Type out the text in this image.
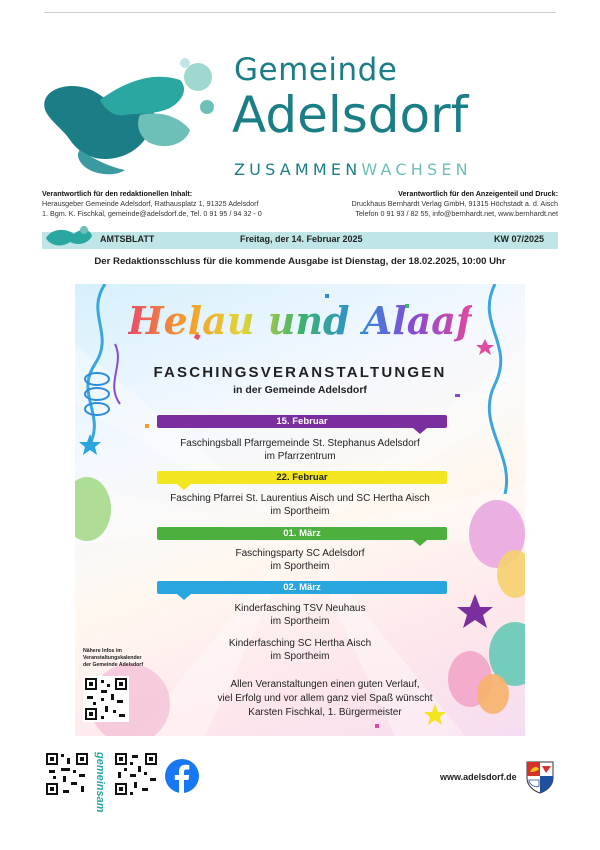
Gemeinde
Adelsdorf
ZUSAMMENWACHSEN
Verantwortlich für den redaktionellen Inhalt:
Herausgeber Gemeinde Adelsdorf, Rathausplatz 1, 91325 Adelsdorf
1. Bgm. K. Fischkal, gemeinde@adelsdorf.de, Tel. 0 91 95 / 94 32 - 0
Verantwortlich für den Anzeigenteil und Druck:
Druckhaus Bernhardt Verlag GmbH, 91315 Höchstadt a. d. Aisch
Telefon 0 91 93 / 82 55, info@bernhardt.net, www.bernhardt.net
AMTSBLATT	Freitag, der 14. Februar 2025	KW 07/2025
Der Redaktionsschluss für die kommende Ausgabe ist Dienstag, der 18.02.2025, 10:00 Uhr
Helau und Alaaf
FASCHINGSVERANSTALTUNGEN
in der Gemeinde Adelsdorf
15. Februar
Faschingsball Pfarrgemeinde St. Stephanus Adelsdorf
im Pfarrzentrum
22. Februar
Fasching Pfarrei St. Laurentius Aisch und SC Hertha Aisch
im Sportheim
01. März
Faschingsparty SC Adelsdorf
im Sportheim
02. März
Kinderfasching TSV Neuhaus
im Sportheim
Kinderfasching SC Hertha Aisch
im Sportheim
Nähere Infos im Veranstaltungskalender der Gemeinde Adelsdorf
Allen Veranstaltungen einen guten Verlauf,
viel Erfolg und vor allem ganz viel Spaß wünscht
Karsten Fischkal, 1. Bürgermeister
gemeinsam	www.adelsdorf.de
